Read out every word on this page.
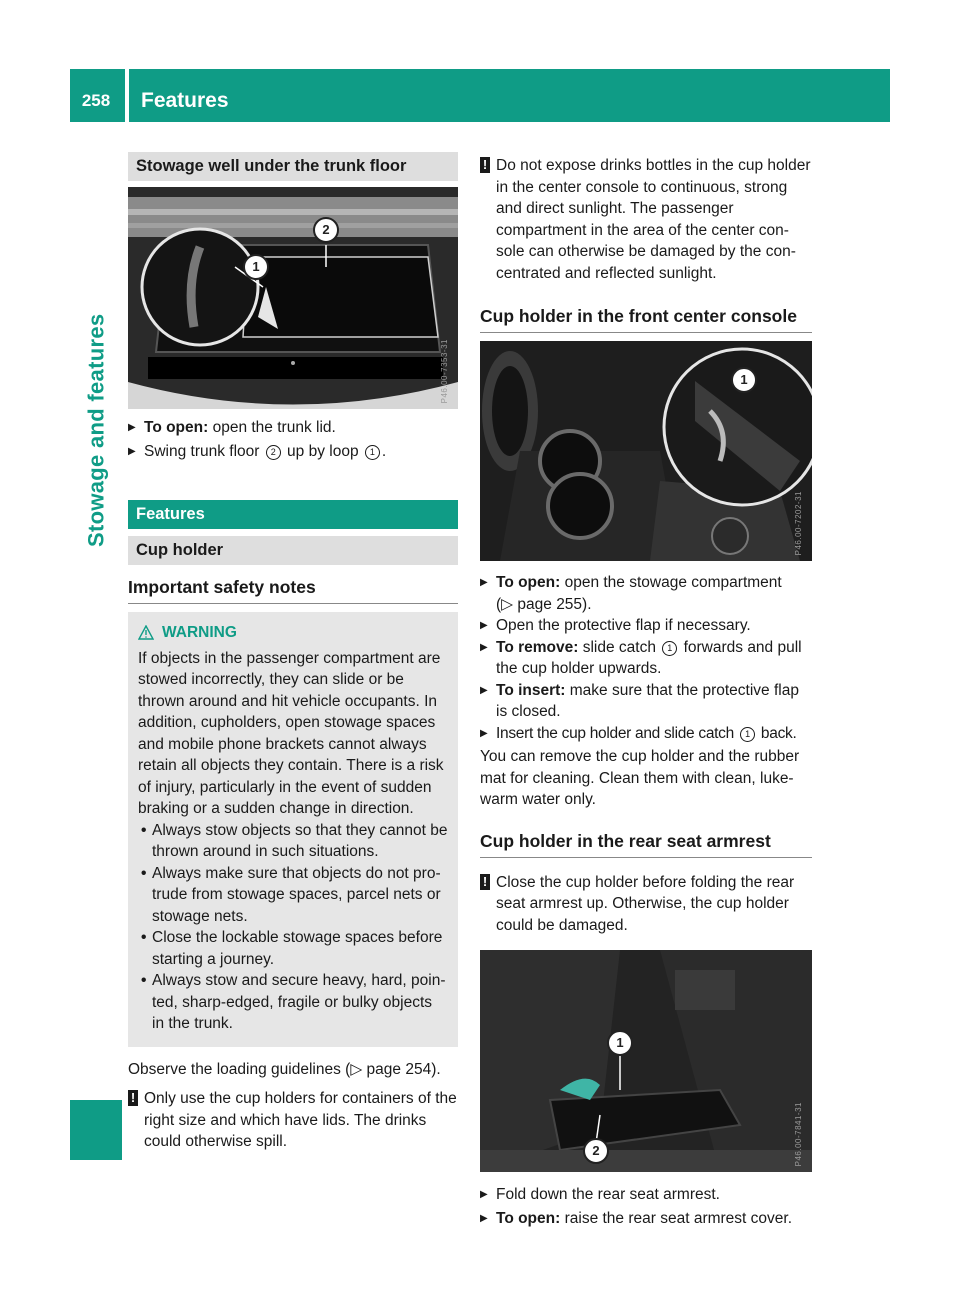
258	Features
Stowage and features
Stowage well under the trunk floor
1
2
P46.00-7353-31

▶ To open: open the trunk lid.

▶ Swing trunk floor 2 up by loop 1 .

Features
Cup holder
Important safety notes
WARNING

If objects in the passenger compartment are stowed incorrectly, they can slide or be thrown around and hit vehicle occupants. In addition, cupholders, open stowage spaces and mobile phone brackets cannot always retain all objects they contain. There is a risk of injury, particularly in the event of sudden braking or a sudden change in direction.

• Always stow objects so that they cannot be thrown around in such situations.

• Always make sure that objects do not pro-trude from stowage spaces, parcel nets or stowage nets.

• Close the lockable stowage spaces before starting a journey.

• Always stow and secure heavy, hard, poin-ted, sharp-edged, fragile or bulky objects in the trunk.

Observe the loading guidelines (▷ page 254).

! Only use the cup holders for containers of the right size and which have lids. The drinks could otherwise spill.

! Do not expose drinks bottles in the cup holder in the center console to continuous, strong and direct sunlight. The passenger compartment in the area of the center con-sole can otherwise be damaged by the con-centrated and reflected sunlight.

Cup holder in the front center console
1
P46.00-7202-31

▶ To open: open the stowage compartment
(▷ page 255).

▶ Open the protective flap if necessary.

▶ To remove: slide catch 1 forwards and pull the cup holder upwards.

▶ To insert: make sure that the protective flap is closed.

▶ Insert the cup holder and slide catch 1 back.

You can remove the cup holder and the rubber mat for cleaning. Clean them with clean, luke-warm water only.

Cup holder in the rear seat armrest
! Close the cup holder before folding the rear seat armrest up. Otherwise, the cup holder could be damaged.

1
2	P46.00-7841-31

▶ Fold down the rear seat armrest.

▶ To open: raise the rear seat armrest cover.
